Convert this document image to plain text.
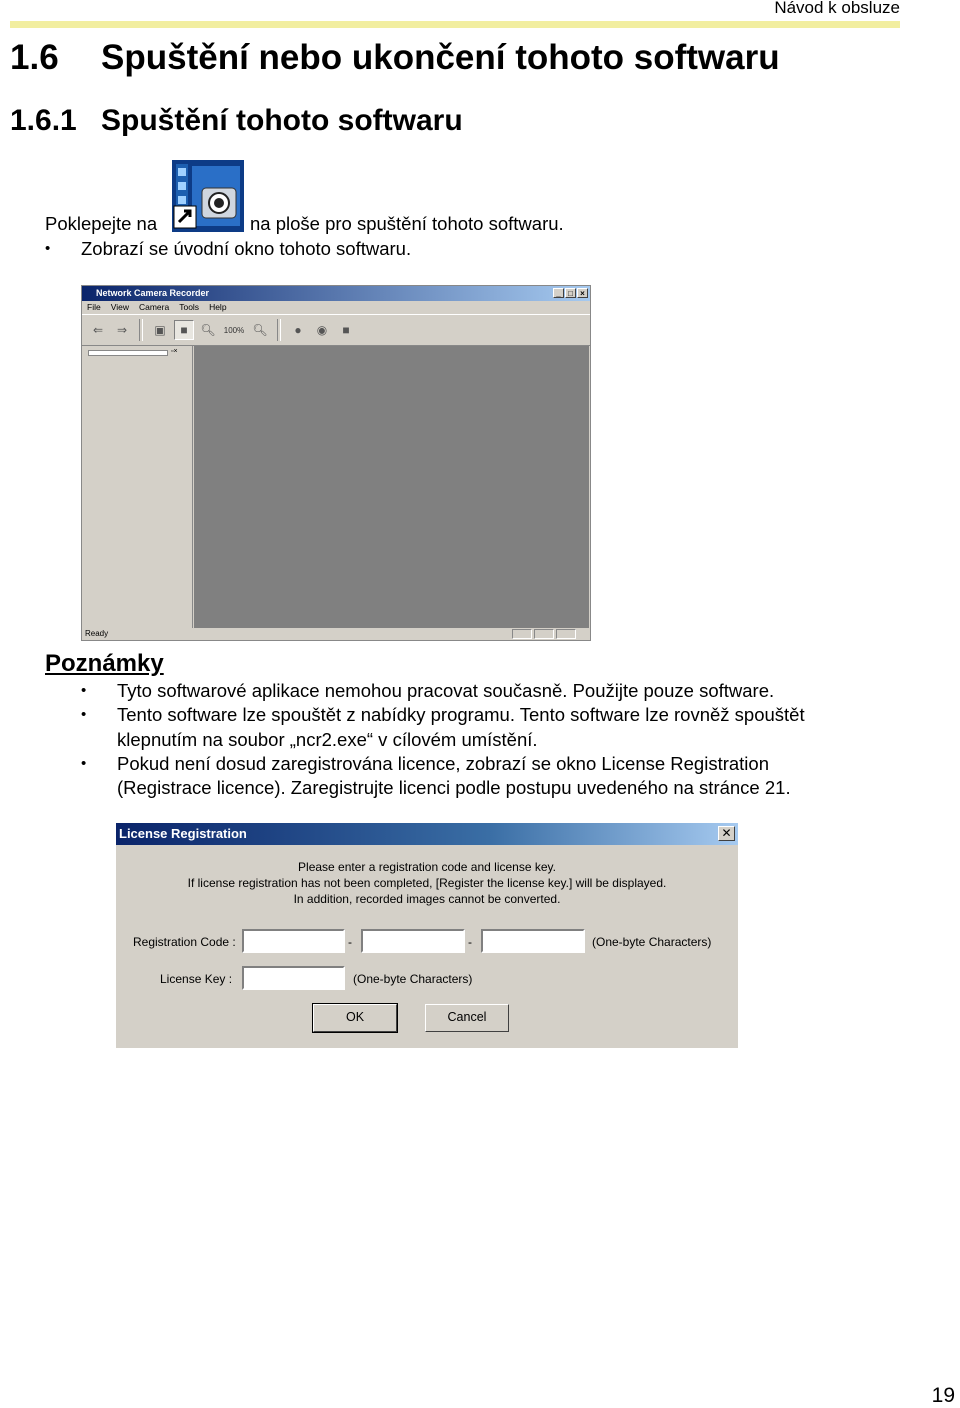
Návod k obsluze
1.6 Spuštění nebo ukončení tohoto softwaru
1.6.1 Spuštění tohoto softwaru
Poklepejte na	na ploše pro spuštění tohoto softwaru.
• Zobrazí se úvodní okno tohoto softwaru.
Network Camera Recorder	_ □ ×
File View Camera Tools Help
⇐	⇒	▣	■	🔍︎ 100% 🔍︎	●	◉	■
▫×
Ready
Poznámky
• Tyto softwarové aplikace nemohou pracovat současně. Použijte pouze software.
• Tento software lze spouštět z nabídky programu. Tento software lze rovněž spouštět
klepnutím na soubor „ncr2.exe“ v cílovém umístění.
• Pokud není dosud zaregistrována licence, zobrazí se okno License Registration
(Registrace licence). Zaregistrujte licenci podle postupu uvedeného na stránce 21.
License Registration	✕
Please enter a registration code and license key.
If license registration has not been completed, [Register the license key.] will be displayed.
In addition, recorded images cannot be converted.
Registration Code :	-	-	(One-byte Characters)
License Key :	(One-byte Characters)
OK	Cancel
19
